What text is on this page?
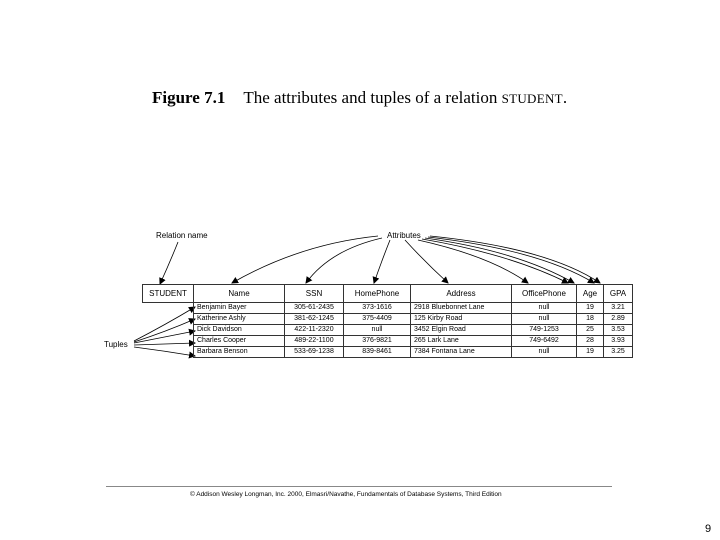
Figure 7.1 The attributes and tuples of a relation STUDENT.
Relation name	Attributes
Tuples
STUDENT	Name	SSN	HomePhone	Address	OfficePhone	Age	GPA
	Benjamin Bayer	305-61-2435	373-1616	2918 Bluebonnet Lane	null	19	3.21
	Katherine Ashly	381-62-1245	375-4409	125 Kirby Road	null	18	2.89
	Dick Davidson	422-11-2320	null	3452 Elgin Road	749-1253	25	3.53
	Charles Cooper	489-22-1100	376-9821	265 Lark Lane	749-6492	28	3.93
	Barbara Benson	533-69-1238	839-8461	7384 Fontana Lane	null	19	3.25
© Addison Wesley Longman, Inc. 2000, Elmasri/Navathe, Fundamentals of Database Systems, Third Edition
9
